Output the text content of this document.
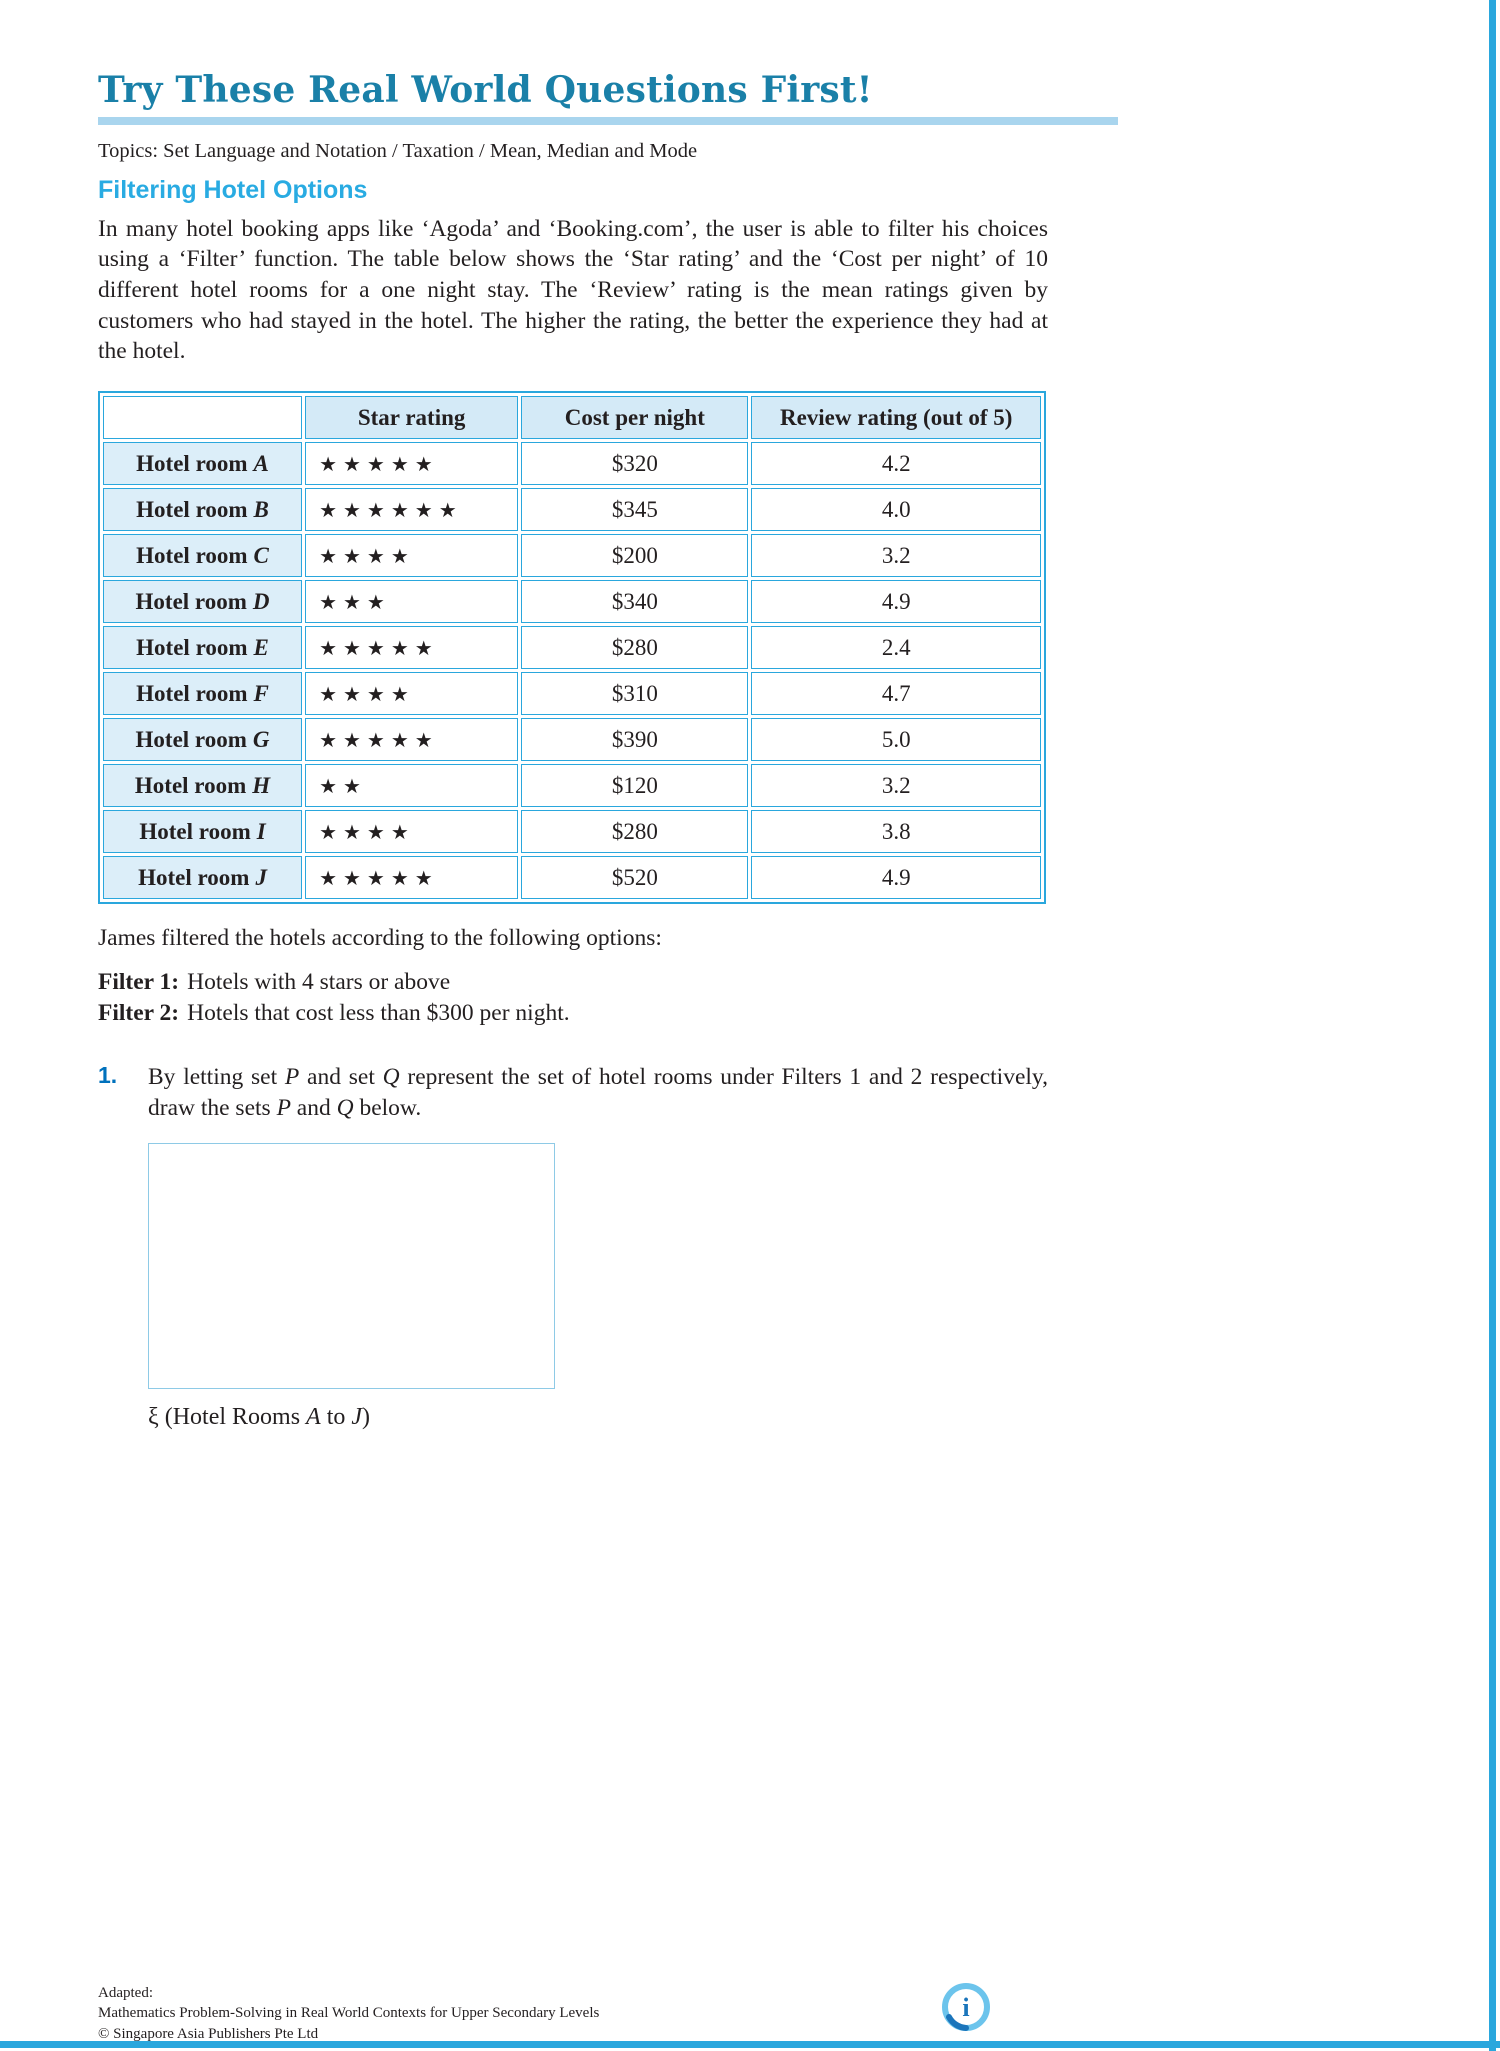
Try These Real World Questions First!
Topics: Set Language and Notation / Taxation / Mean, Median and Mode
Filtering Hotel Options
In many hotel booking apps like ‘Agoda’ and ‘Booking.com’, the user is able to filter his choices using a ‘Filter’ function. The table below shows the ‘Star rating’ and the ‘Cost per night’ of 10 different hotel rooms for a one night stay. The ‘Review’ rating is the mean ratings given by customers who had stayed in the hotel. The higher the rating, the better the experience they had at the hotel.
	Star rating	Cost per night	Review rating (out of 5)
Hotel room A	★★★★★	$320	4.2
Hotel room B	★★★★★★	$345	4.0
Hotel room C	★★★★	$200	3.2
Hotel room D	★★★	$340	4.9
Hotel room E	★★★★★	$280	2.4
Hotel room F	★★★★	$310	4.7
Hotel room G	★★★★★	$390	5.0
Hotel room H	★★	$120	3.2
Hotel room I	★★★★	$280	3.8
Hotel room J	★★★★★	$520	4.9
James filtered the hotels according to the following options:
Filter 1: Hotels with 4 stars or above
Filter 2: Hotels that cost less than $300 per night.
1.	By letting set P and set Q represent the set of hotel rooms under Filters 1 and 2 respectively, draw the sets P and Q below.
ξ (Hotel Rooms A to J)
Adapted:
Mathematics Problem-Solving in Real World Contexts for Upper Secondary Levels
© Singapore Asia Publishers Pte Ltd
i
